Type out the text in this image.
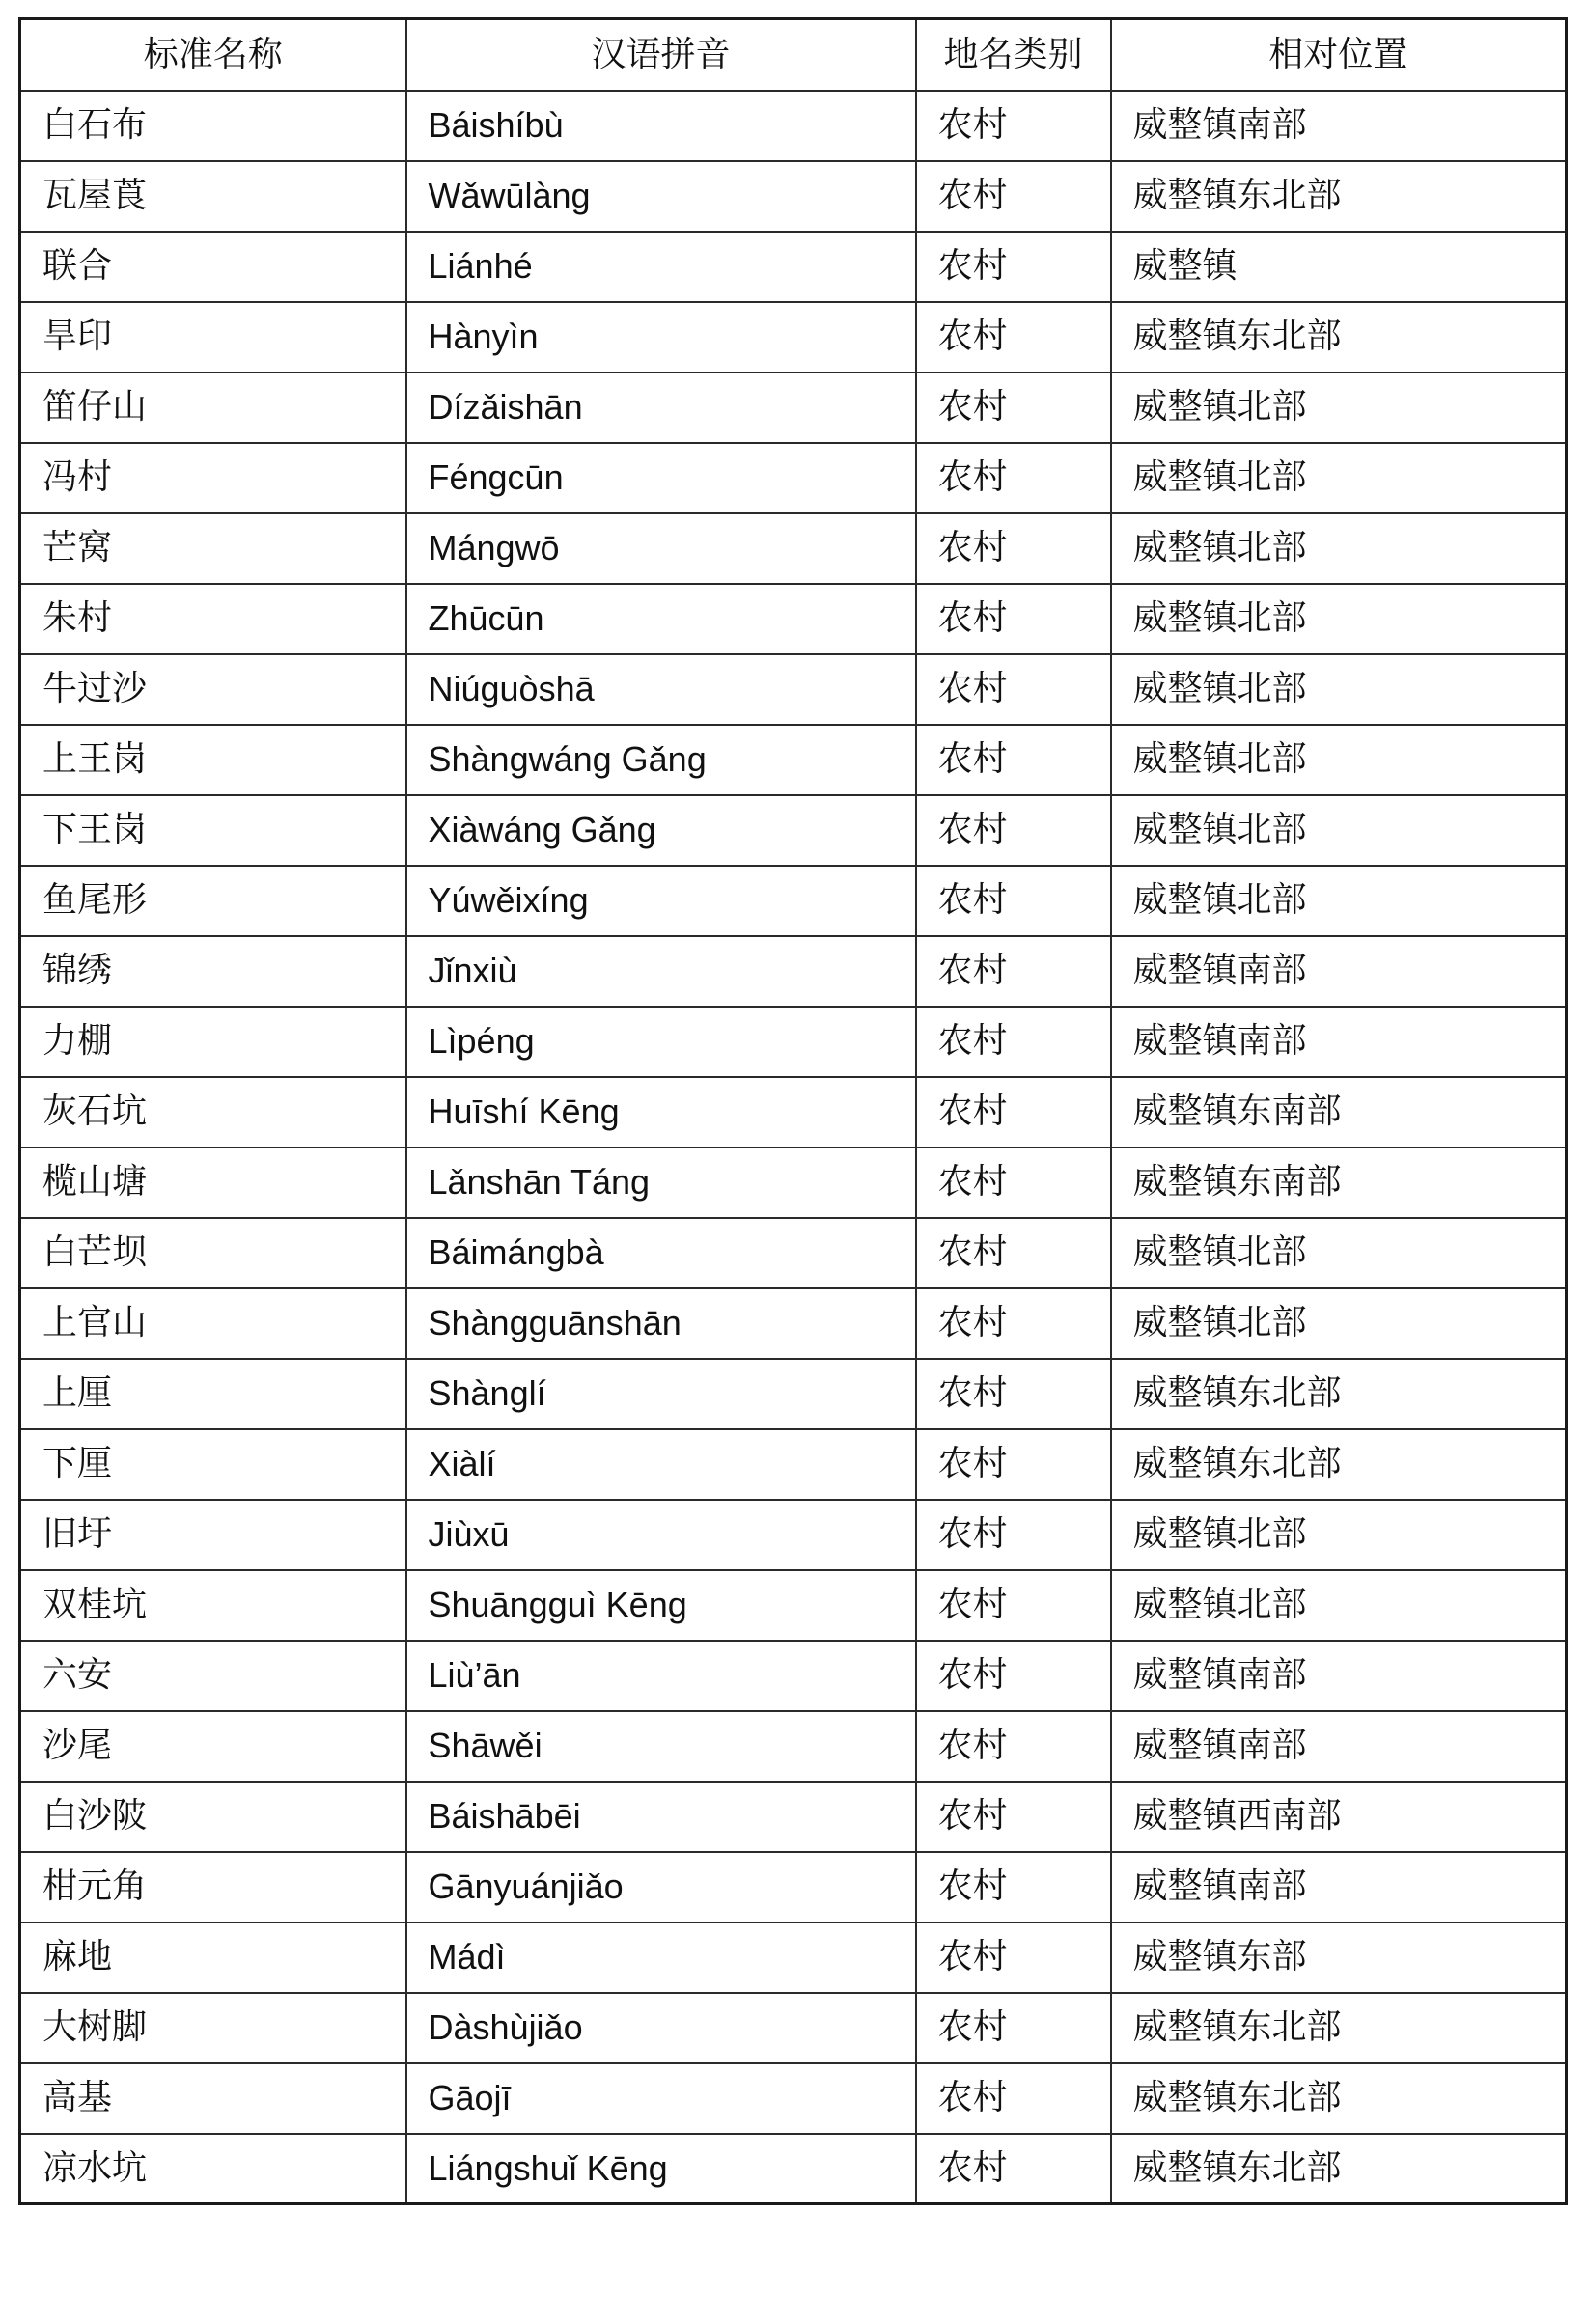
标准名称	汉语拼音	地名类别	相对位置
白石布	Báishíbù	农村	威整镇南部
瓦屋莨	Wǎwūlàng	农村	威整镇东北部
联合	Liánhé	农村	威整镇
旱印	Hànyìn	农村	威整镇东北部
笛仔山	Dízǎishān	农村	威整镇北部
冯村	Féngcūn	农村	威整镇北部
芒窝	Mángwō	农村	威整镇北部
朱村	Zhūcūn	农村	威整镇北部
牛过沙	Niúguòshā	农村	威整镇北部
上王岗	Shàngwáng Gǎng	农村	威整镇北部
下王岗	Xiàwáng Gǎng	农村	威整镇北部
鱼尾形	Yúwěixíng	农村	威整镇北部
锦绣	Jǐnxiù	农村	威整镇南部
力棚	Lìpéng	农村	威整镇南部
灰石坑	Huīshí Kēng	农村	威整镇东南部
榄山塘	Lǎnshān Táng	农村	威整镇东南部
白芒坝	Báimángbà	农村	威整镇北部
上官山	Shàngguānshān	农村	威整镇北部
上厘	Shànglí	农村	威整镇东北部
下厘	Xiàlí	农村	威整镇东北部
旧圩	Jiùxū	农村	威整镇北部
双桂坑	Shuāngguì Kēng	农村	威整镇北部
六安	Liù’ān	农村	威整镇南部
沙尾	Shāwěi	农村	威整镇南部
白沙陂	Báishābēi	农村	威整镇西南部
柑元角	Gānyuánjiǎo	农村	威整镇南部
麻地	Mádì	农村	威整镇东部
大树脚	Dàshùjiǎo	农村	威整镇东北部
高基	Gāojī	农村	威整镇东北部
凉水坑	Liángshuǐ Kēng	农村	威整镇东北部
